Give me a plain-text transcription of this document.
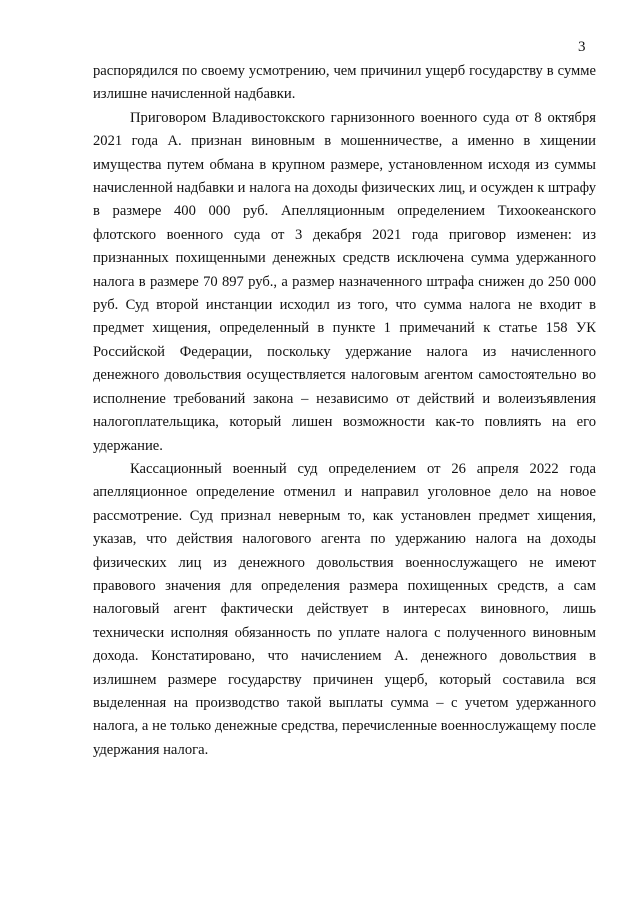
3

распорядился по своему усмотрению, чем причинил ущерб государству в сумме излишне начисленной надбавки.

Приговором Владивостокского гарнизонного военного суда от 8 октября 2021 года А. признан виновным в мошенничестве, а именно в хищении имущества путем обмана в крупном размере, установленном исходя из суммы начисленной надбавки и налога на доходы физических лиц, и осужден к штрафу в размере 400 000 руб. Апелляционным определением Тихоокеанского флотского военного суда от 3 декабря 2021 года приговор изменен: из признанных похищенными денежных средств исключена сумма удержанного налога в размере 70 897 руб., а размер назначенного штрафа снижен до 250 000 руб. Суд второй инстанции исходил из того, что сумма налога не входит в предмет хищения, определенный в пункте 1 примечаний к статье 158 УК Российской Федерации, поскольку удержание налога из начисленного денежного довольствия осуществляется налоговым агентом самостоятельно во исполнение требований закона – независимо от действий и волеизъявления налогоплательщика, который лишен возможности как-то повлиять на его удержание.

Кассационный военный суд определением от 26 апреля 2022 года апелляционное определение отменил и направил уголовное дело на новое рассмотрение. Суд признал неверным то, как установлен предмет хищения, указав, что действия налогового агента по удержанию налога на доходы физических лиц из денежного довольствия военнослужащего не имеют правового значения для определения размера похищенных средств, а сам налоговый агент фактически действует в интересах виновного, лишь технически исполняя обязанность по уплате налога с полученного виновным дохода. Констатировано, что начислением А. денежного довольствия в излишнем размере государству причинен ущерб, который составила вся выделенная на производство такой выплаты сумма – с учетом удержанного налога, а не только денежные средства, перечисленные военнослужащему после удержания налога.
